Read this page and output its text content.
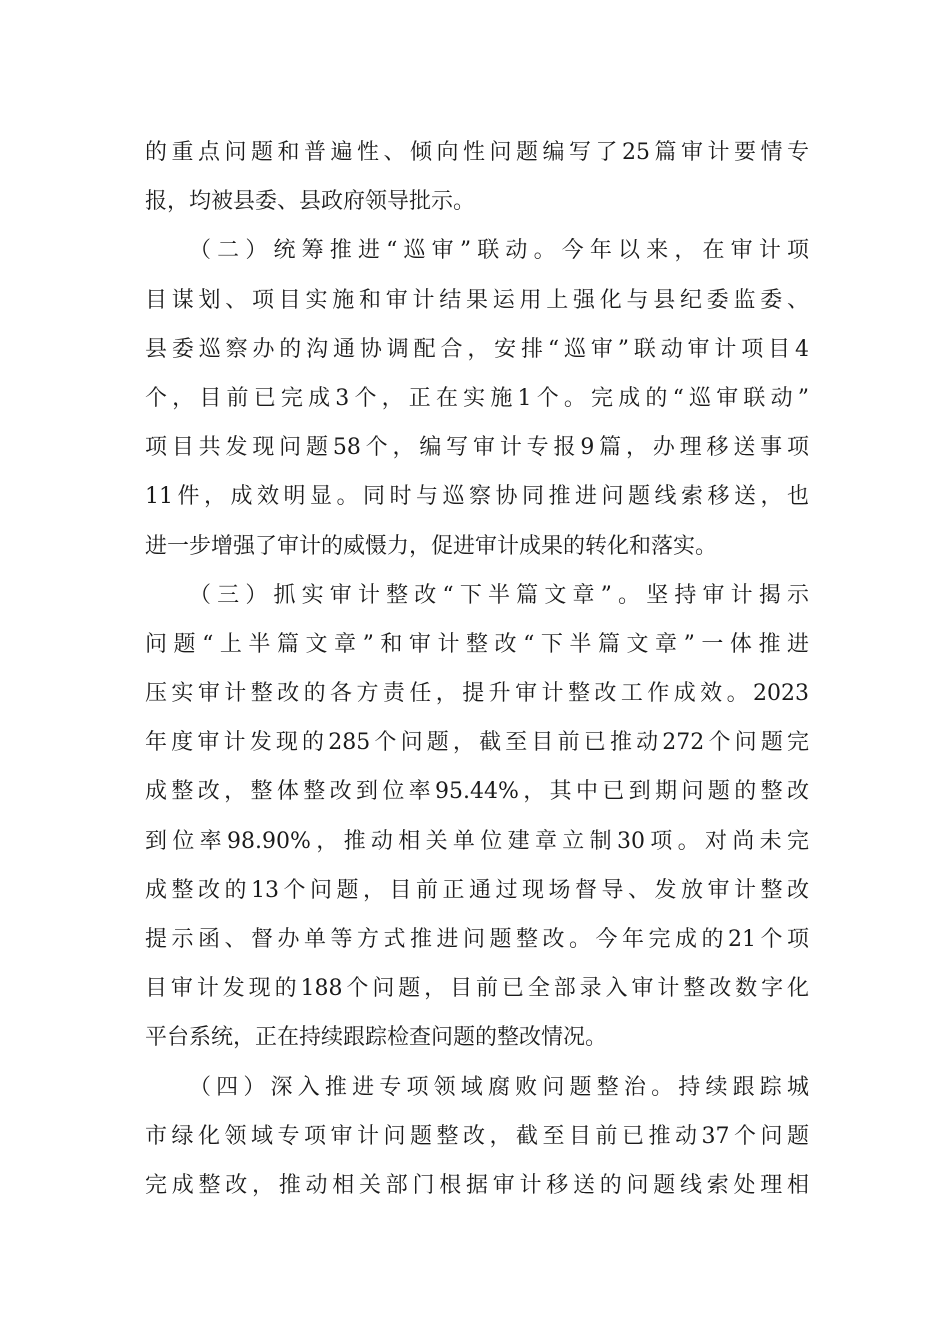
的重点问题和普遍性、倾向性问题编写了25篇审计要情专
报，均被县委、县政府领导批示。
（二）统筹推进“巡审”联动。今年以来，在审计项
目谋划、项目实施和审计结果运用上强化与县纪委监委、
县委巡察办的沟通协调配合，安排“巡审”联动审计项目4
个，目前已完成3个，正在实施1个。完成的“巡审联动”
项目共发现问题58个，编写审计专报9篇，办理移送事项
11件，成效明显。同时与巡察协同推进问题线索移送，也
进一步增强了审计的威慑力，促进审计成果的转化和落实。
（三）抓实审计整改“下半篇文章”。坚持审计揭示
问题“上半篇文章”和审计整改“下半篇文章”一体推进
压实审计整改的各方责任，提升审计整改工作成效。2023
年度审计发现的285个问题，截至目前已推动272个问题完
成整改，整体整改到位率95.44%，其中已到期问题的整改
到位率98.90%，推动相关单位建章立制30项。对尚未完
成整改的13个问题，目前正通过现场督导、发放审计整改
提示函、督办单等方式推进问题整改。今年完成的21个项
目审计发现的188个问题，目前已全部录入审计整改数字化
平台系统，正在持续跟踪检查问题的整改情况。
（四）深入推进专项领域腐败问题整治。持续跟踪城
市绿化领域专项审计问题整改，截至目前已推动37个问题
完成整改，推动相关部门根据审计移送的问题线索处理相
